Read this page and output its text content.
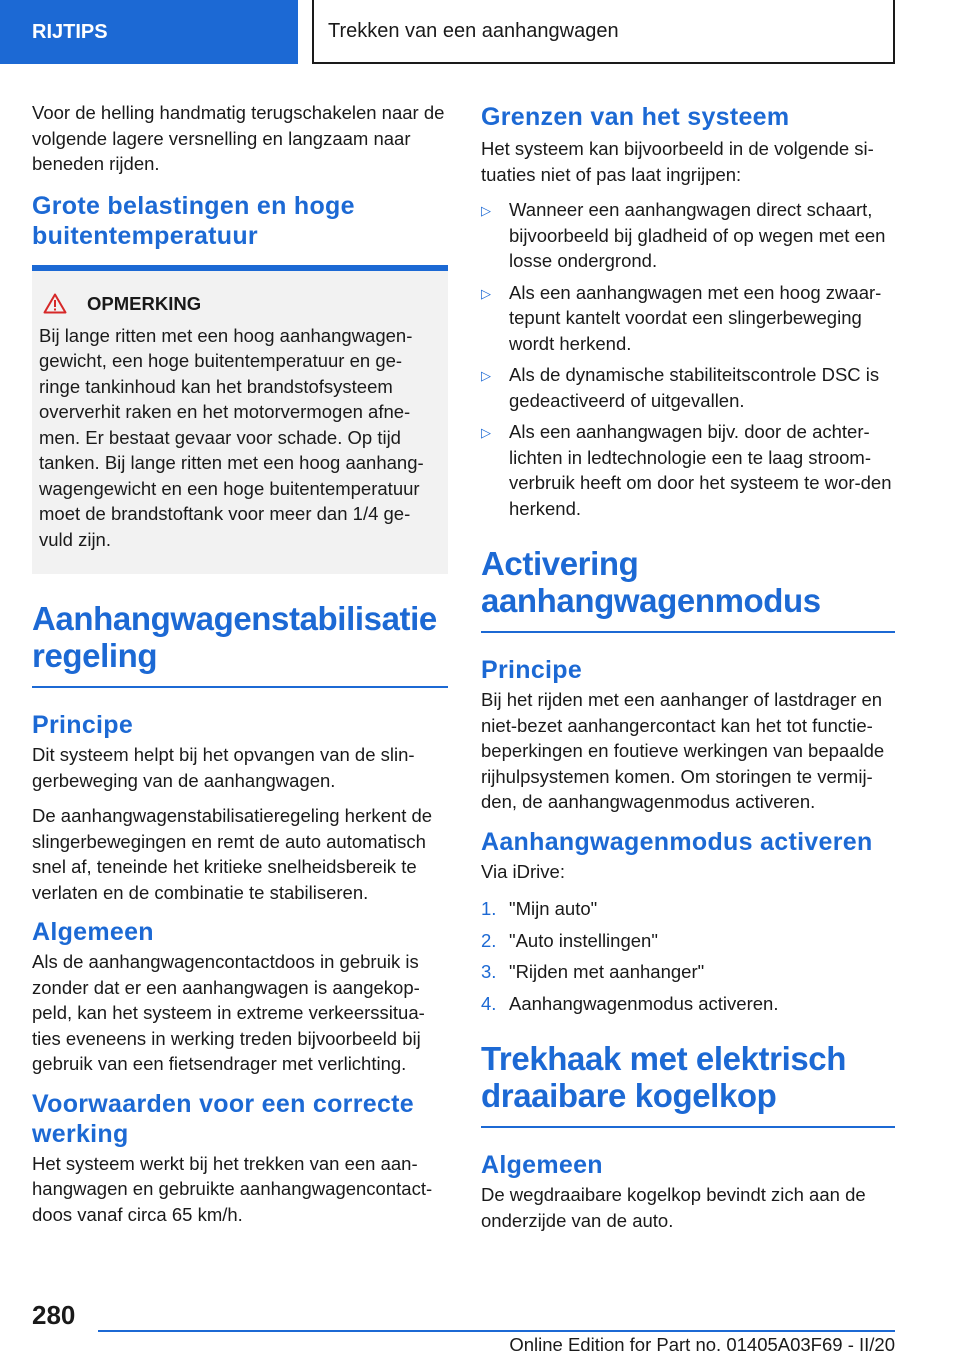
RIJTIPS	Trekken van een aanhangwagen

Voor de helling handmatig terugschakelen naar de volgende lagere versnelling en langzaam naar beneden rijden.

Grote belastingen en hoge buitentemperatuur
OPMERKING

Bij lange ritten met een hoog aanhangwagen-gewicht, een hoge buitentemperatuur en ge-ringe tankinhoud kan het brandstofsysteem oververhit raken en het motorvermogen afne-men. Er bestaat gevaar voor schade. Op tijd tanken. Bij lange ritten met een hoog aanhang-wagengewicht en een hoge buitentemperatuur moet de brandstoftank voor meer dan 1/4 ge-vuld zijn.

Aanhangwagenstabilisatieregeling
Principe

Dit systeem helpt bij het opvangen van de slin-gerbeweging van de aanhangwagen.

De aanhangwagenstabilisatieregeling herkent de slingerbewegingen en remt de auto automatisch snel af, teneinde het kritieke snelheidsbereik te verlaten en de combinatie te stabiliseren.

Algemeen

Als de aanhangwagencontactdoos in gebruik is zonder dat er een aanhangwagen is aangekop-peld, kan het systeem in extreme verkeerssitua-ties eveneens in werking treden bijvoorbeeld bij gebruik van een fietsendrager met verlichting.

Voorwaarden voor een correcte werking

Het systeem werkt bij het trekken van een aan-hangwagen en gebruikte aanhangwagencontact-doos vanaf circa 65 km/h.

Grenzen van het systeem

Het systeem kan bijvoorbeeld in de volgende si-tuaties niet of pas laat ingrijpen:

▷ Wanneer een aanhangwagen direct schaart, bijvoorbeeld bij gladheid of op wegen met een losse ondergrond.
▷ Als een aanhangwagen met een hoog zwaar-tepunt kantelt voordat een slingerbeweging wordt herkend.
▷ Als de dynamische stabiliteitscontrole DSC is gedeactiveerd of uitgevallen.
▷ Als een aanhangwagen bijv. door de achter-lichten in ledtechnologie een te laag stroom-verbruik heeft om door het systeem te wor-den herkend.
Activering aanhangwagenmodus
Principe

Bij het rijden met een aanhanger of lastdrager en niet-bezet aanhangercontact kan het tot functie-beperkingen en foutieve werkingen van bepaalde rijhulpsystemen komen. Om storingen te vermij-den, de aanhangwagenmodus activeren.

Aanhangwagenmodus activeren

Via iDrive:

1. "Mijn auto"
2. "Auto instellingen"
3. "Rijden met aanhanger"
4. Aanhangwagenmodus activeren.
Trekhaak met elektrisch draaibare kogelkop
Algemeen

De wegdraaibare kogelkop bevindt zich aan de onderzijde van de auto.

280
Online Edition for Part no. 01405A03F69 - II/20
